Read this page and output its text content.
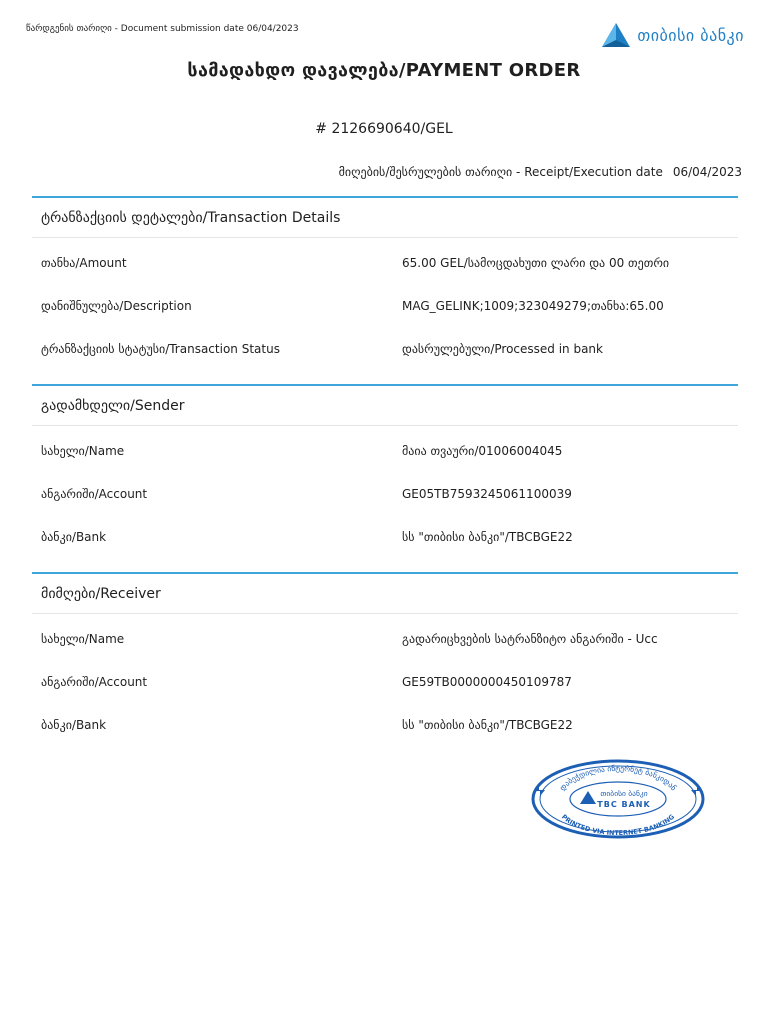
წარდგენის თარიღი - Document submission date 06/04/2023	თიბისი ბანკი
სამადახდო დავალება/PAYMENT ORDER
# 2126690640/GEL
მიღების/შესრულების თარიღი - Receipt/Execution date 06/04/2023
ტრანზაქციის დეტალები/Transaction Details
თანხა/Amount	65.00 GEL/სამოცდახუთი ლარი და 00 თეთრი
დანიშნულება/Description	MAG_GELINK;1009;323049279;თანხა:65.00
ტრანზაქციის სტატუსი/Transaction Status	დასრულებული/Processed in bank
გადამხდელი/Sender
სახელი/Name	მაია თვაური/01006004045
ანგარიში/Account	GE05TB7593245061100039
ბანკი/Bank	სს "თიბისი ბანკი"/TBCBGE22
მიმღები/Receiver
სახელი/Name	გადარიცხვების სატრანზიტო ანგარიში - Ucc
ანგარიში/Account	GE59TB0000000450109787
ბანკი/Bank	სს "თიბისი ბანკი"/TBCBGE22
დაბეჭდილია ინტერნეტ ბანკიდან
PRINTED VIA INTERNET BANKING
თიბისი ბანკი
TBC BANK
